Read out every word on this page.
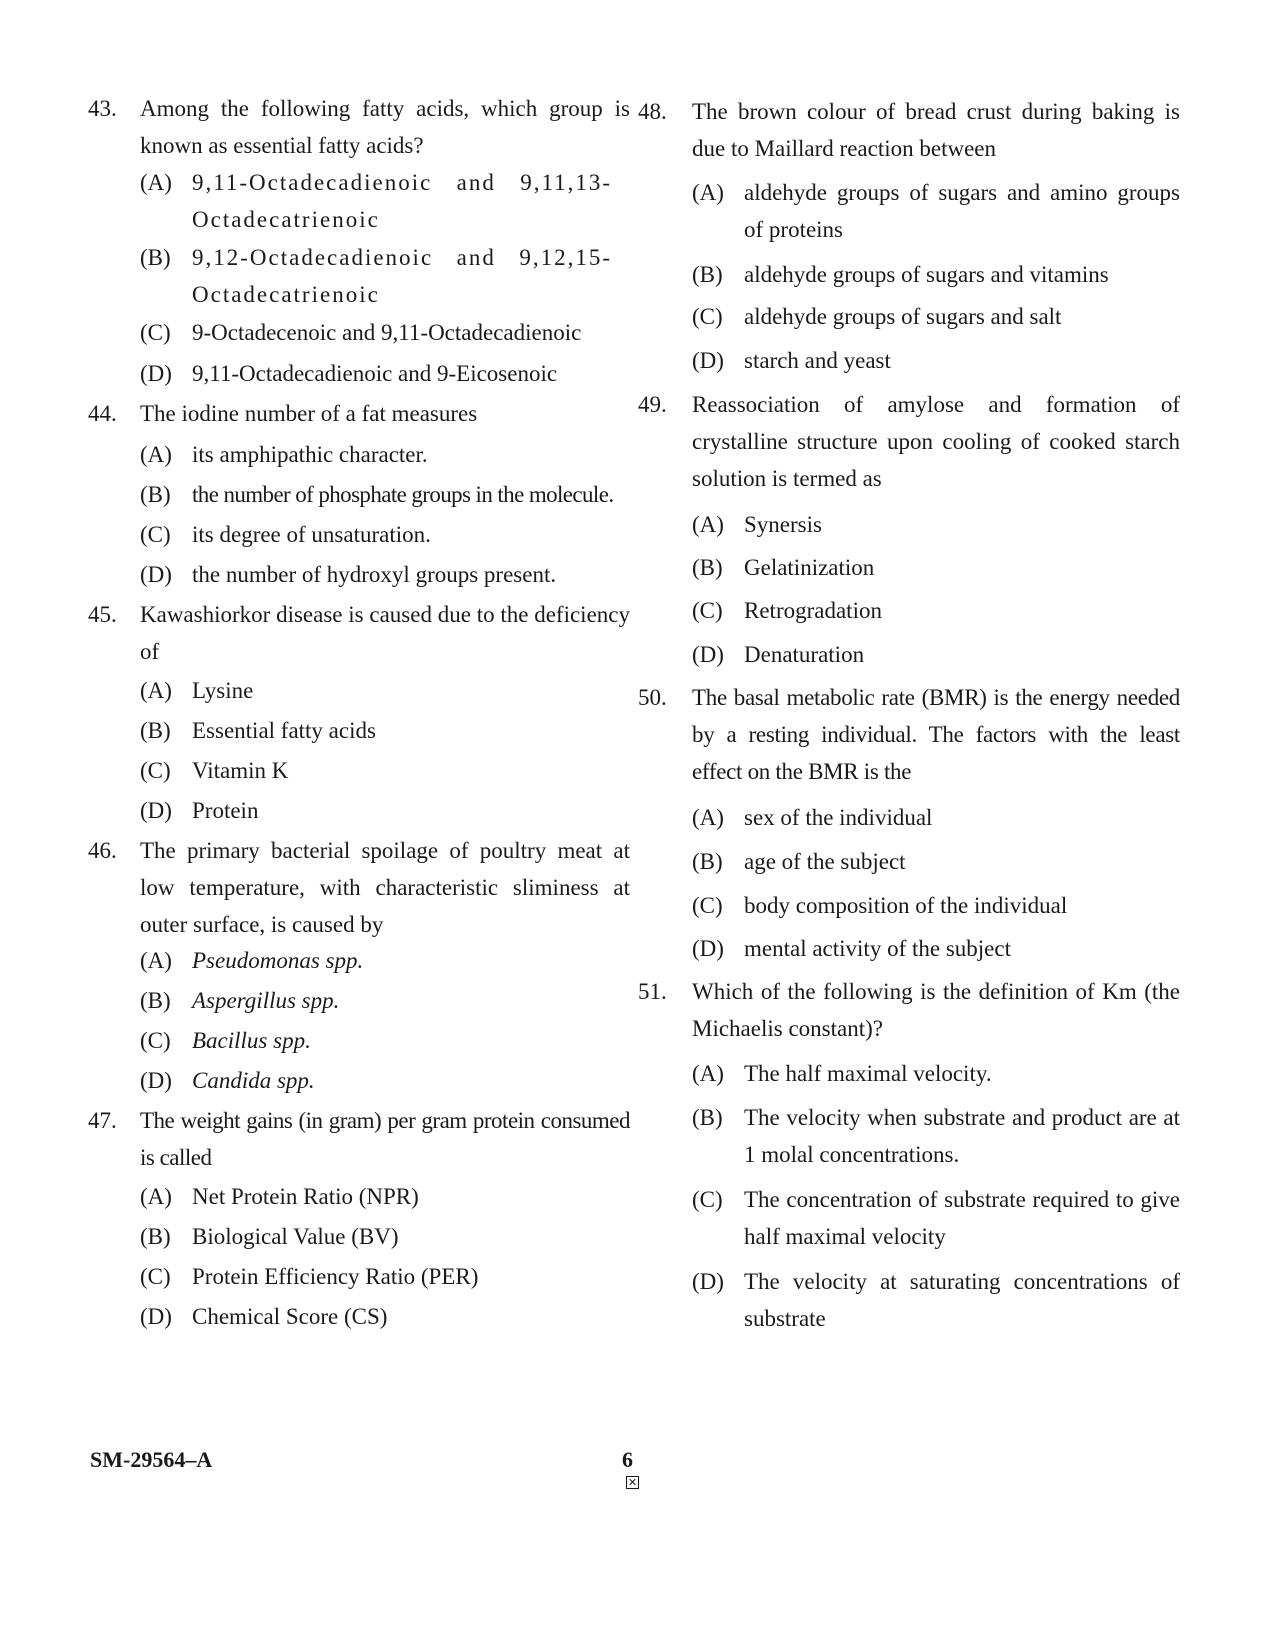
43. Among the following fatty acids, which group is known as essential fatty acids?
(A) 9,11-Octadecadienoic and 9,11,13-Octadecatrienoic
(B) 9,12-Octadecadienoic and 9,12,15-Octadecatrienoic
(C) 9-Octadecenoic and 9,11-Octadecadienoic
(D) 9,11-Octadecadienoic and 9-Eicosenoic
44. The iodine number of a fat measures
(A) its amphipathic character.
(B) the number of phosphate groups in the molecule.
(C) its degree of unsaturation.
(D) the number of hydroxyl groups present.
45. Kawashiorkor disease is caused due to the deficiency of
(A) Lysine
(B) Essential fatty acids
(C) Vitamin K
(D) Protein
46. The primary bacterial spoilage of poultry meat at low temperature, with characteristic sliminess at outer surface, is caused by
(A) Pseudomonas spp.
(B) Aspergillus spp.
(C) Bacillus spp.
(D) Candida spp.
47. The weight gains (in gram) per gram protein consumed is called
(A) Net Protein Ratio (NPR)
(B) Biological Value (BV)
(C) Protein Efficiency Ratio (PER)
(D) Chemical Score (CS)
48. The brown colour of bread crust during baking is due to Maillard reaction between
(A) aldehyde groups of sugars and amino groups of proteins
(B) aldehyde groups of sugars and vitamins
(C) aldehyde groups of sugars and salt
(D) starch and yeast
49. Reassociation of amylose and formation of crystalline structure upon cooling of cooked starch solution is termed as
(A) Synersis
(B) Gelatinization
(C) Retrogradation
(D) Denaturation
50. The basal metabolic rate (BMR) is the energy needed by a resting individual. The factors with the least effect on the BMR is the
(A) sex of the individual
(B) age of the subject
(C) body composition of the individual
(D) mental activity of the subject
51. Which of the following is the definition of Km (the Michaelis constant)?
(A) The half maximal velocity.
(B) The velocity when substrate and product are at 1 molal concentrations.
(C) The concentration of substrate required to give half maximal velocity
(D) The velocity at saturating concentrations of substrate
SM-29564–A	6
✕
